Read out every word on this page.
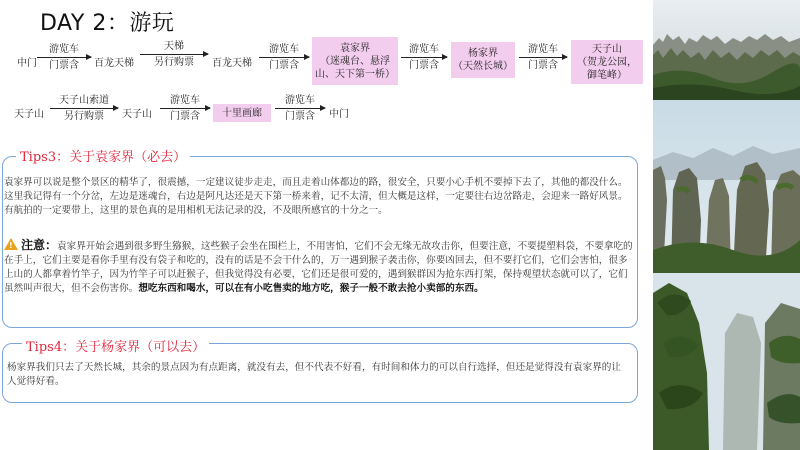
DAY 2：游玩
中门
游览车
门票含	百龙天梯
天梯
另行购票	百龙天梯
游览车
门票含
袁家界
（迷魂台、悬浮
山、天下第一桥）
游览车
门票含
杨家界
（天然长城）
游览车
门票含
天子山
（贺龙公园，
御笔峰）
天子山
天子山索道
另行购票	天子山
游览车
门票含	十里画廊
游览车
门票含	中门
Tips3：关于袁家界（必去）
袁家界可以说是整个景区的精华了，很震撼，一定建议徒步走走，而且走着山体都边的路，很安全，只要小心手机不要掉下去了，其他的都没什么。这里我记得有一个分岔，左边是迷魂台，右边是阿凡达还是天下第一桥来着，记不太清，但大概是这样，一定要往右边岔路走，会迎来一路好风景。有航拍的一定要带上，这里的景色真的是用相机无法记录的没，不及眼所感官的十分之一。
!注意：袁家界开始会遇到很多野生猕猴，这些猴子会坐在围栏上，不用害怕，它们不会无缘无故攻击你，但要注意，不要提塑料袋，不要拿吃的在手上，它们主要是看你手里有没有袋子和吃的，没有的话是不会干什么的，万一遇到猴子袭击你，你要凶回去，但不要打它们，它们会害怕，很多上山的人都拿着竹竿子，因为竹竿子可以赶猴子，但我觉得没有必要，它们还是很可爱的，遇到猴群因为抢东西打架，保持观望状态就可以了，它们虽然叫声很大，但不会伤害你。想吃东西和喝水，可以在有小吃售卖的地方吃，猴子一般不敢去抢小卖部的东西。
Tips4：关于杨家界（可以去）
杨家界我们只去了天然长城，其余的景点因为有点距离，就没有去，但不代表不好看，有时间和体力的可以自行选择，但还是觉得没有袁家界的让人觉得好看。
